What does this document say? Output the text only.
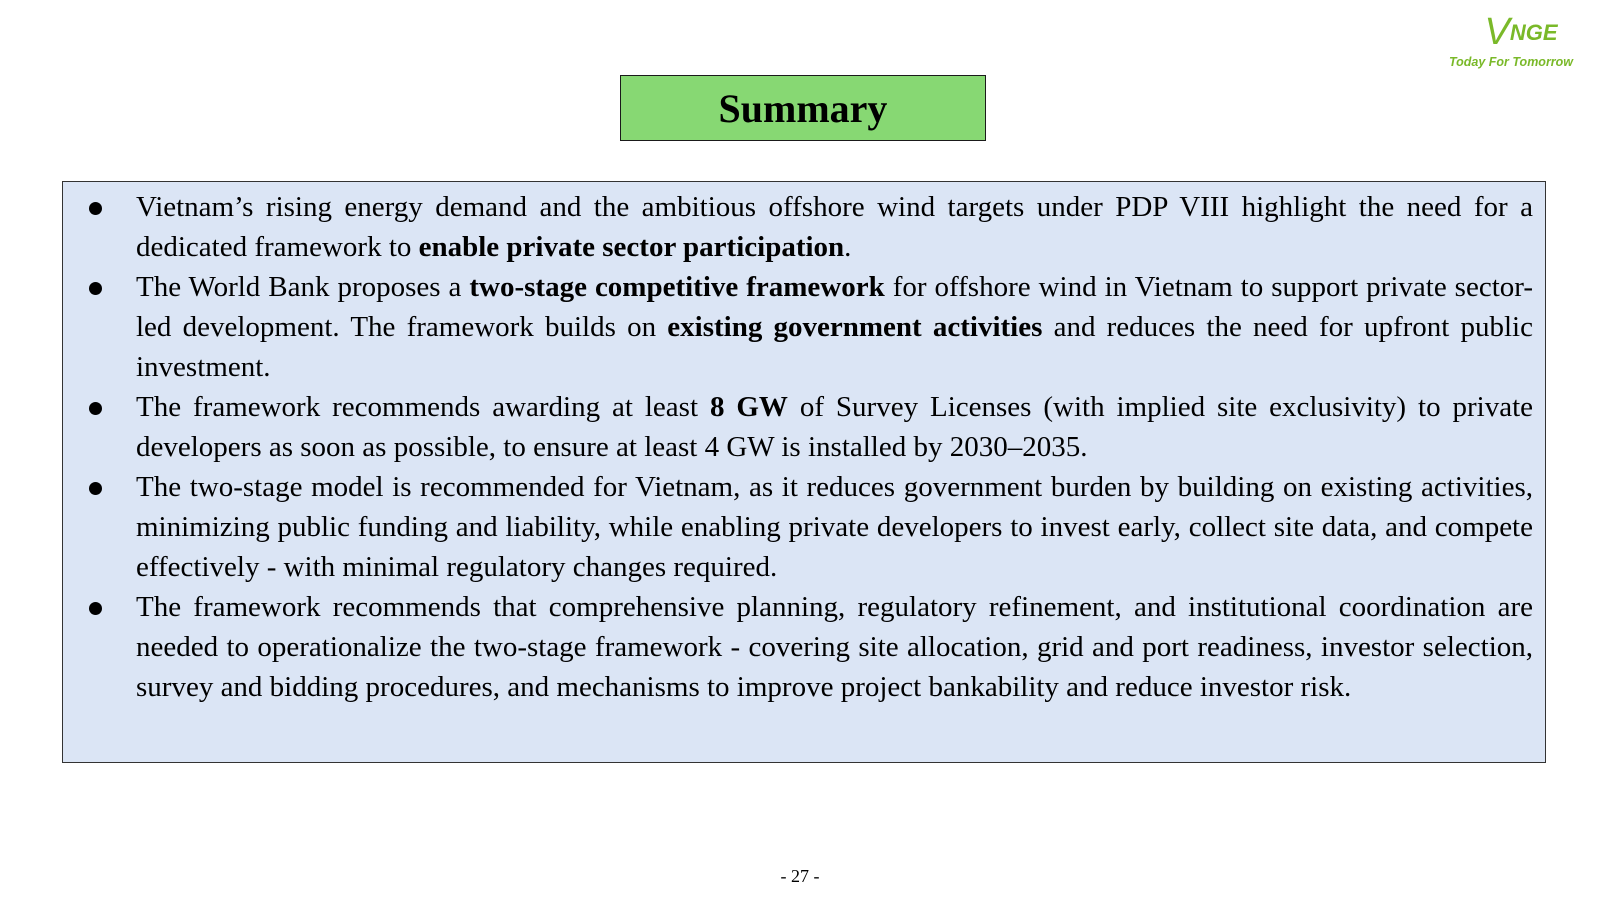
VNGE
Today For Tomorrow
Summary
Vietnam’s rising energy demand and the ambitious offshore wind targets under PDP VIII highlight the need for a dedicated framework to enable private sector participation.
The World Bank proposes a two-stage competitive framework for offshore wind in Vietnam to support private sector-led development. The framework builds on existing government activities and reduces the need for upfront public investment.
The framework recommends awarding at least 8 GW of Survey Licenses (with implied site exclusivity) to private developers as soon as possible, to ensure at least 4 GW is installed by 2030–2035.
The two-stage model is recommended for Vietnam, as it reduces government burden by building on existing activities, minimizing public funding and liability, while enabling private developers to invest early, collect site data, and compete effectively - with minimal regulatory changes required.
The framework recommends that comprehensive planning, regulatory refinement, and institutional coordination are needed to operationalize the two-stage framework - covering site allocation, grid and port readiness, investor selection, survey and bidding procedures, and mechanisms to improve project bankability and reduce investor risk.
- 27 -
